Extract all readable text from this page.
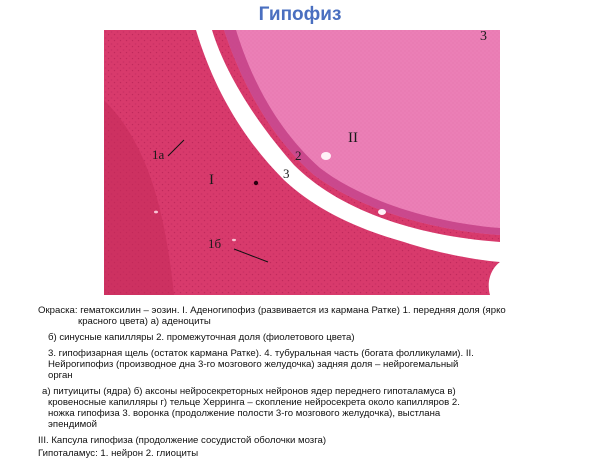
Гипофиз
1а
I
1б
2
3
3
II

Окраска: гематоксилин – эозин. I. Аденогипофиз (развивается из кармана Ратке) 1. передняя доля (ярко
красного цвета) а) аденоциты

б) синусные капилляры 2. промежуточная доля (фиолетового цвета)

3. гипофизарная щель (остаток кармана Ратке). 4. тубуральная часть (богата фолликулами). II.
Нейрогипофиз (производное дна 3-го мозгового желудочка) задняя доля – нейрогемальный
орган

а) питуициты (ядра) б) аксоны нейросекреторных нейронов ядер переднего гипоталамуса в)
кровеносные капилляры г) тельце Херринга – скопление нейросекрета около капилляров 2.
ножка гипофиза 3. воронка (продолжение полости 3-го мозгового желудочка), выстлана
эпендимой

III. Капсула гипофиза (продолжение сосудистой оболочки мозга)

Гипоталамус: 1. нейрон 2. глиоциты
